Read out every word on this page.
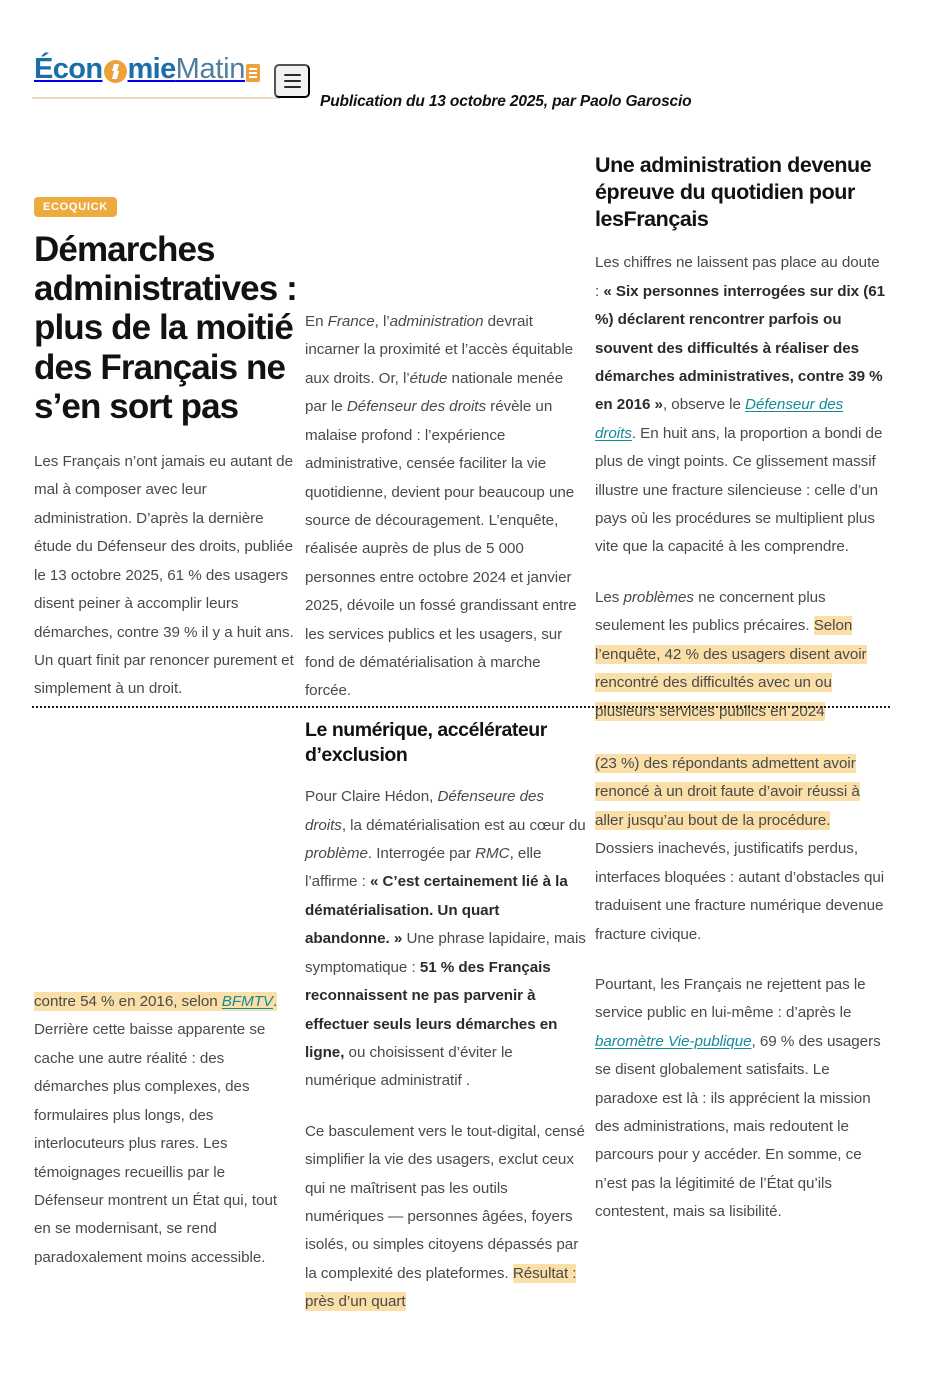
Écon mie Matin
Publication du 13 octobre 2025, par Paolo Garoscio
ECOQUICK
Démarches administratives : plus de la moitié des Français ne s’en sort pas

Les Français n’ont jamais eu autant de mal à composer avec leur administration. D’après la dernière étude du Défenseur des droits, publiée le 13 octobre 2025, 61 % des usagers disent peiner à accomplir leurs démarches, contre 39 % il y a huit ans. Un quart finit par renoncer purement et simplement à un droit.

En France, l’administration devrait incarner la proximité et l’accès équitable aux droits. Or, l’étude nationale menée par le Défenseur des droits révèle un malaise profond : l’expérience administrative, censée faciliter la vie quotidienne, devient pour beaucoup une source de découragement. L’enquête, réalisée auprès de plus de 5 000 personnes entre octobre 2024 et janvier 2025, dévoile un fossé grandissant entre les services publics et les usagers, sur fond de dématérialisation à marche forcée.

Une administration devenue épreuve du quotidien pour lesFrançais

Les chiffres ne laissent pas place au doute : « Six personnes interrogées sur dix (61 %) déclarent rencontrer parfois ou souvent des difficultés à réaliser des démarches administratives, contre 39 % en 2016 », observe le Défenseur des droits. En huit ans, la proportion a bondi de plus de vingt points. Ce glissement massif illustre une fracture silencieuse : celle d’un pays où les procédures se multiplient plus vite que la capacité à les comprendre.

Les problèmes ne concernent plus seulement les publics précaires. Selon l’enquête, 42 % des usagers disent avoir rencontré des difficultés avec un ou plusieurs services publics en 2024

Le numérique, accélérateur d’exclusion

Pour Claire Hédon, Défenseure des droits, la dématérialisation est au cœur du problème. Interrogée par RMC, elle l’affirme : « C’est certainement lié à la dématérialisation. Un quart abandonne. » Une phrase lapidaire, mais symptomatique : 51 % des Français reconnaissent ne pas parvenir à effectuer seuls leurs démarches en ligne, ou choisissent d’éviter le numérique administratif .

Ce basculement vers le tout-digital, censé simplifier la vie des usagers, exclut ceux qui ne maîtrisent pas les outils numériques — personnes âgées, foyers isolés, ou simples citoyens dépassés par la complexité des plateformes. Résultat : près d’un quart

(23 %) des répondants admettent avoir renoncé à un droit faute d’avoir réussi à aller jusqu’au bout de la procédure. Dossiers inachevés, justificatifs perdus, interfaces bloquées : autant d’obstacles qui traduisent une fracture numérique devenue fracture civique.

Pourtant, les Français ne rejettent pas le service public en lui-même : d’après le baromètre Vie-publique, 69 % des usagers se disent globalement satisfaits. Le paradoxe est là : ils apprécient la mission des administrations, mais redoutent le parcours pour y accéder. En somme, ce n’est pas la légitimité de l’État qu’ils contestent, mais sa lisibilité.

contre 54 % en 2016, selon BFMTV. Derrière cette baisse apparente se cache une autre réalité : des démarches plus complexes, des formulaires plus longs, des interlocuteurs plus rares. Les témoignages recueillis par le Défenseur montrent un État qui, tout en se modernisant, se rend paradoxalement moins accessible.
